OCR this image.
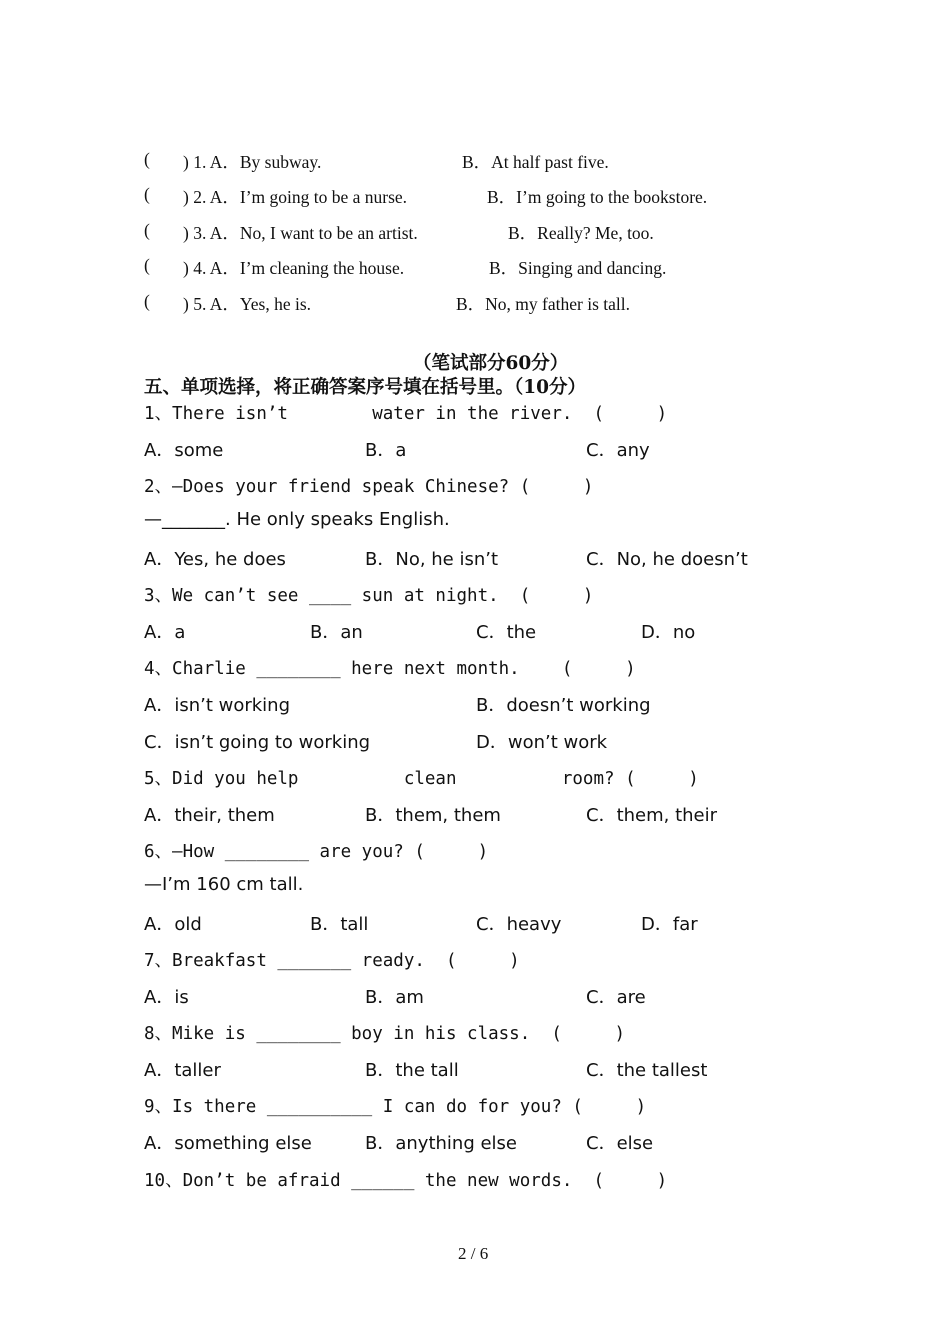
( ) 1. A．By subway.	B．At half past five.
( ) 2. A．I’m going to be a nurse.	B．I’m going to the bookstore.
( ) 3. A．No, I want to be an artist.	B．Really? Me, too.
( ) 4. A．I’m cleaning the house.	B．Singing and dancing.
( ) 5. A．Yes, he is.	B．No, my father is tall.
（笔试部分60分）
五、单项选择，将正确答案序号填在括号里。（10分）
1、There isn’t        water in the river.  (     )
A．some	B．a	C．any
2、—Does your friend speak Chinese? (     )
—_______. He only speaks English.
A．Yes, he does	B．No, he isn’t	C．No, he doesn’t
3、We can’t see ____ sun at night.  (     )
A．a	B．an	C．the	D．no
4、Charlie ________ here next month.    (     )
A．isn’t working	B．doesn’t working
C．isn’t going to working	D．won’t work
5、Did you help          clean          room? (     )
A．their, them	B．them, them	C．them, their
6、—How ________ are you? (     )
—I’m 160 cm tall.
A．old	B．tall	C．heavy	D．far
7、Breakfast _______ ready.  (     )
A．is	B．am	C．are
8、Mike is ________ boy in his class.  (     )
A．taller	B．the tall	C．the tallest
9、Is there __________ I can do for you? (     )
A．something else	B．anything else	C．else
10、Don’t be afraid ______ the new words.  (     )
2 / 6
